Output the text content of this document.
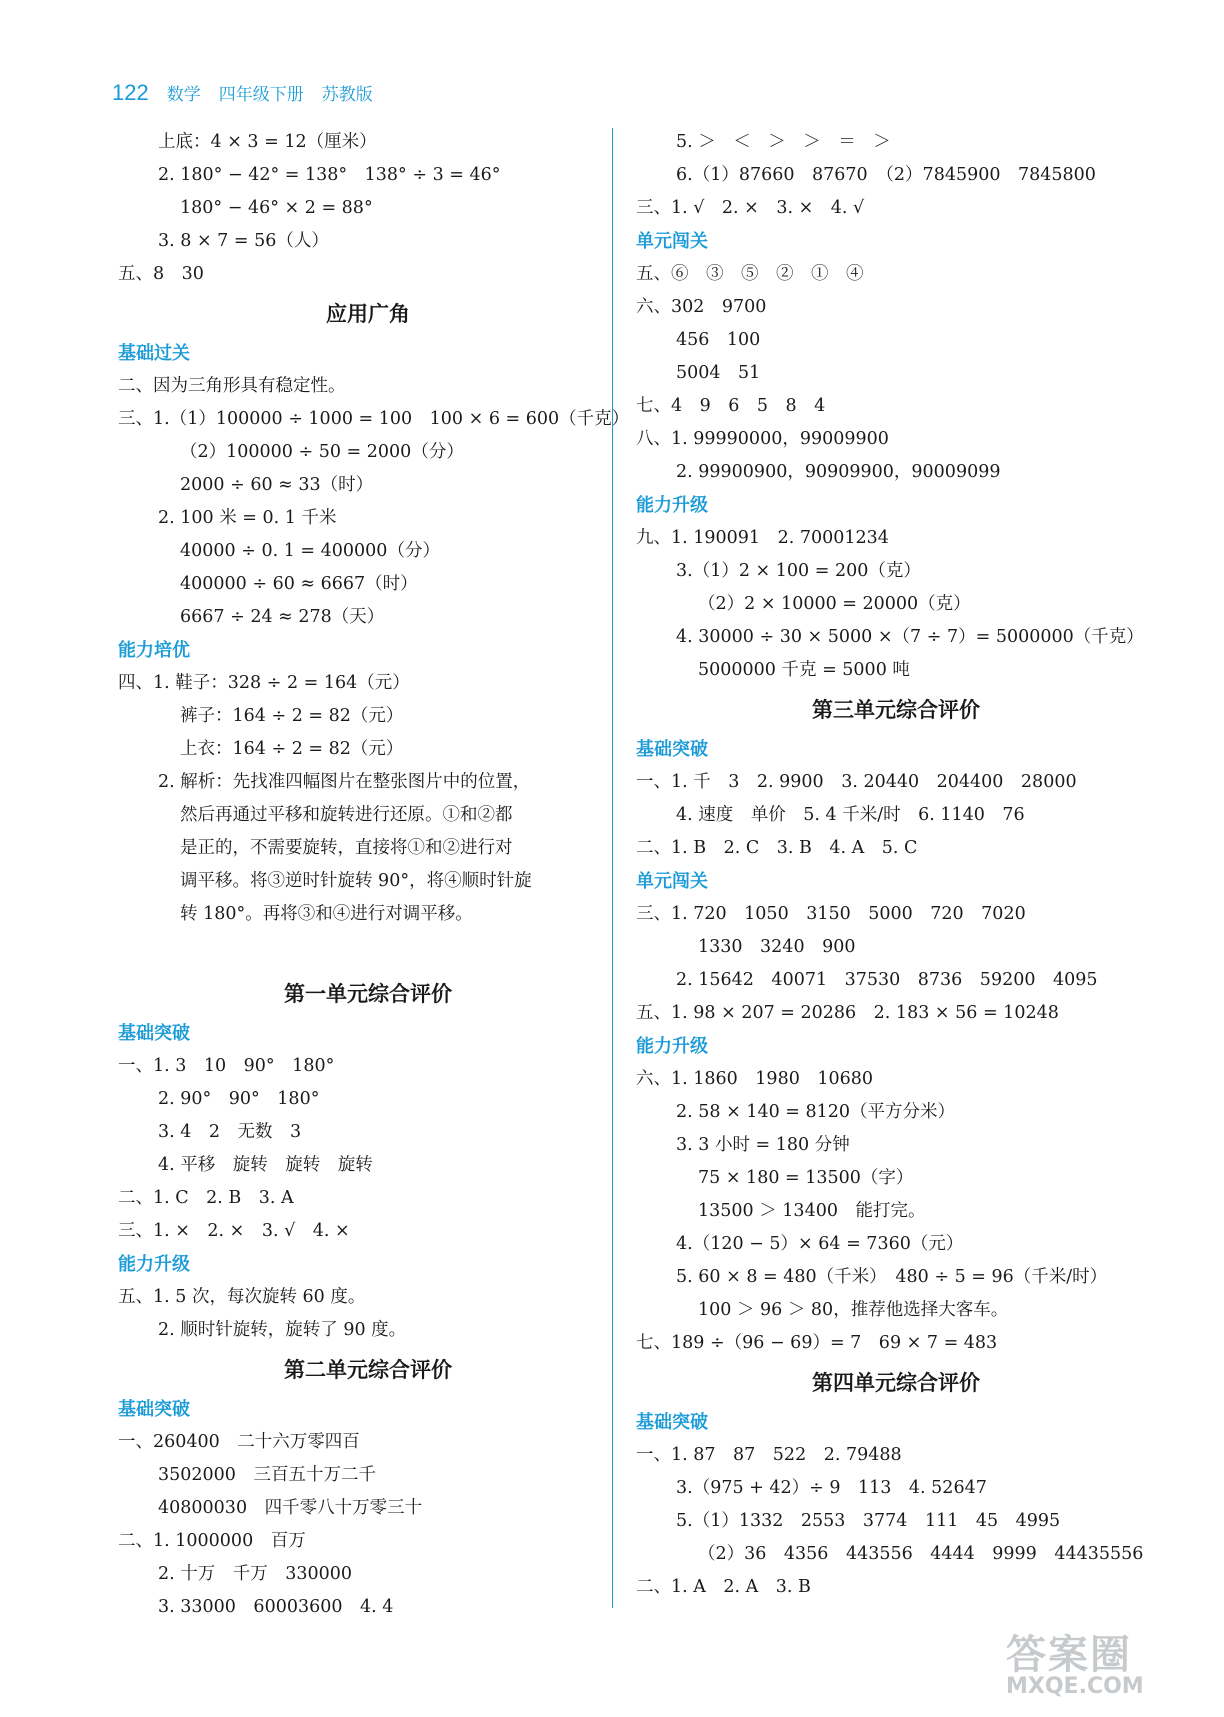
122 数学 四年级下册 苏教版
上底：4 × 3 = 12（厘米）
2. 180° − 42° = 138°　138° ÷ 3 = 46°
180° − 46° × 2 = 88°
3. 8 × 7 = 56（人）
五、8　30
应用广角
基础过关
二、因为三角形具有稳定性。
三、1.（1）100000 ÷ 1000 = 100　100 × 6 = 600（千克）
（2）100000 ÷ 50 = 2000（分）
2000 ÷ 60 ≈ 33（时）
2. 100 米 = 0. 1 千米
40000 ÷ 0. 1 = 400000（分）
400000 ÷ 60 ≈ 6667（时）
6667 ÷ 24 ≈ 278（天）
能力培优
四、1. 鞋子：328 ÷ 2 = 164（元）
裤子：164 ÷ 2 = 82（元）
上衣：164 ÷ 2 = 82（元）
2. 解析：先找准四幅图片在整张图片中的位置，
然后再通过平移和旋转进行还原。①和②都
是正的，不需要旋转，直接将①和②进行对
调平移。将③逆时针旋转 90°，将④顺时针旋
转 180°。再将③和④进行对调平移。
第一单元综合评价
基础突破
一、1. 3　10　90°　180°
2. 90°　90°　180°
3. 4　2　无数　3
4. 平移　旋转　旋转　旋转
二、1. C　2. B　3. A
三、1. ×　2. ×　3. √　4. ×
能力升级
五、1. 5 次，每次旋转 60 度。
2. 顺时针旋转，旋转了 90 度。
第二单元综合评价
基础突破
一、260400　二十六万零四百
3502000　三百五十万二千
40800030　四千零八十万零三十
二、1. 1000000　百万
2. 十万　千万　330000
3. 33000　60003600　4. 4
5. ＞　＜　＞　＞　＝　＞
6.（1）87660　87670　（2）7845900　7845800
三、1. √　2. ×　3. ×　4. √
单元闯关
五、⑥　③　⑤　②　①　④
六、302　9700
456　100
5004　51
七、4　9　6　5　8　4
八、1. 99990000，99009900
2. 99900900，90909900，90009099
能力升级
九、1. 190091　2. 70001234
3.（1）2 × 100 = 200（克）
（2）2 × 10000 = 20000（克）
4. 30000 ÷ 30 × 5000 ×（7 ÷ 7）= 5000000（千克）
5000000 千克 = 5000 吨
第三单元综合评价
基础突破
一、1. 千　3　2. 9900　3. 20440　204400　28000
4. 速度　单价　5. 4 千米/时　6. 1140　76
二、1. B　2. C　3. B　4. A　5. C
单元闯关
三、1. 720　1050　3150　5000　720　7020
1330　3240　900
2. 15642　40071　37530　8736　59200　4095
五、1. 98 × 207 = 20286　2. 183 × 56 = 10248
能力升级
六、1. 1860　1980　10680
2. 58 × 140 = 8120（平方分米）
3. 3 小时 = 180 分钟
75 × 180 = 13500（字）
13500 ＞ 13400　能打完。
4.（120 − 5）× 64 = 7360（元）
5. 60 × 8 = 480（千米）　480 ÷ 5 = 96（千米/时）
100 ＞ 96 ＞ 80，推荐他选择大客车。
七、189 ÷（96 − 69）= 7　69 × 7 = 483
第四单元综合评价
基础突破
一、1. 87　87　522　2. 79488
3.（975 + 42）÷ 9　113　4. 52647
5.（1）1332　2553　3774　111　45　4995
（2）36　4356　443556　4444　9999　44435556
二、1. A　2. A　3. B
答案圈
MXQE.COM
